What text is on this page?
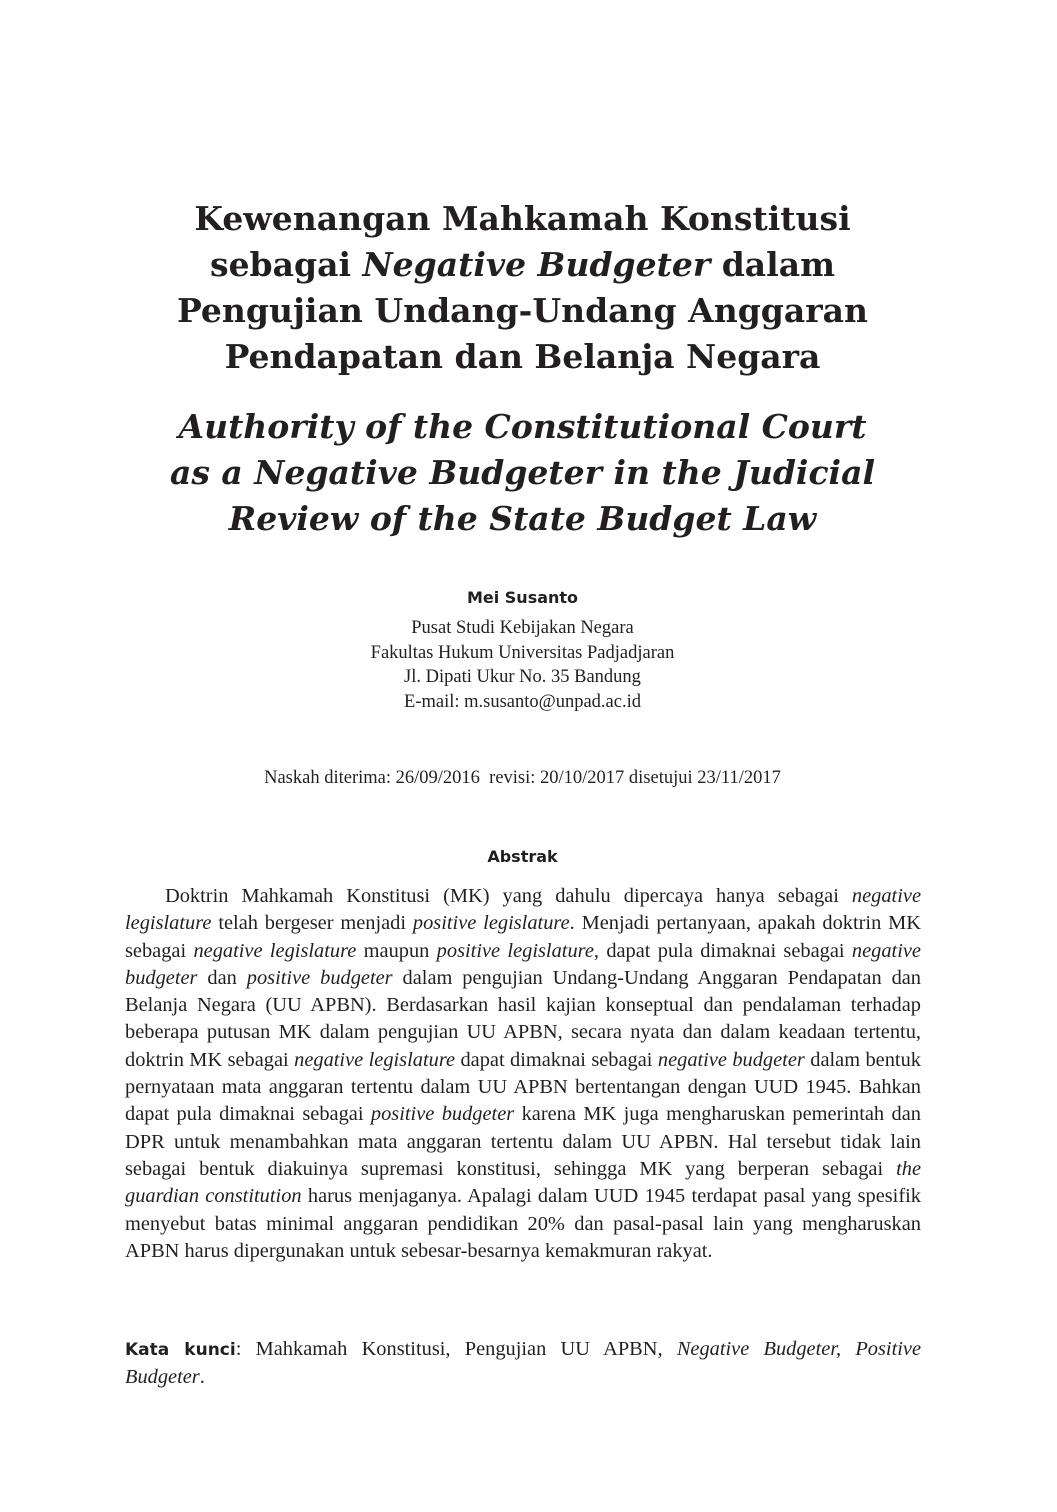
Kewenangan Mahkamah Konstitusi
sebagai Negative Budgeter dalam
Pengujian Undang-Undang Anggaran
Pendapatan dan Belanja Negara
Authority of the Constitutional Court
as a Negative Budgeter in the Judicial
Review of the State Budget Law
Mei Susanto
Pusat Studi Kebijakan Negara
Fakultas Hukum Universitas Padjadjaran
Jl. Dipati Ukur No. 35 Bandung
E-mail: m.susanto@unpad.ac.id
Naskah diterima: 26/09/2016  revisi: 20/10/2017 disetujui 23/11/2017
Abstrak

Doktrin Mahkamah Konstitusi (MK) yang dahulu dipercaya hanya sebagai negative legislature telah bergeser menjadi positive legislature. Menjadi pertanyaan, apakah doktrin MK sebagai negative legislature maupun positive legislature, dapat pula dimaknai sebagai negative budgeter dan positive budgeter dalam pengujian Undang-Undang Anggaran Pendapatan dan Belanja Negara (UU APBN). Berdasarkan hasil kajian konseptual dan pendalaman terhadap beberapa putusan MK dalam pengujian UU APBN, secara nyata dan dalam keadaan tertentu, doktrin MK sebagai negative legislature dapat dimaknai sebagai negative budgeter dalam bentuk pernyataan mata anggaran tertentu dalam UU APBN bertentangan dengan UUD 1945. Bahkan dapat pula dimaknai sebagai positive budgeter karena MK juga mengharuskan pemerintah dan DPR untuk menambahkan mata anggaran tertentu dalam UU APBN. Hal tersebut tidak lain sebagai bentuk diakuinya supremasi konstitusi, sehingga MK yang berperan sebagai the guardian constitution harus menjaganya. Apalagi dalam UUD 1945 terdapat pasal yang spesifik menyebut batas minimal anggaran pendidikan 20% dan pasal-pasal lain yang mengharuskan APBN harus dipergunakan untuk sebesar-besarnya kemakmuran rakyat.

Kata kunci: Mahkamah Konstitusi, Pengujian UU APBN, Negative Budgeter, Positive Budgeter.
